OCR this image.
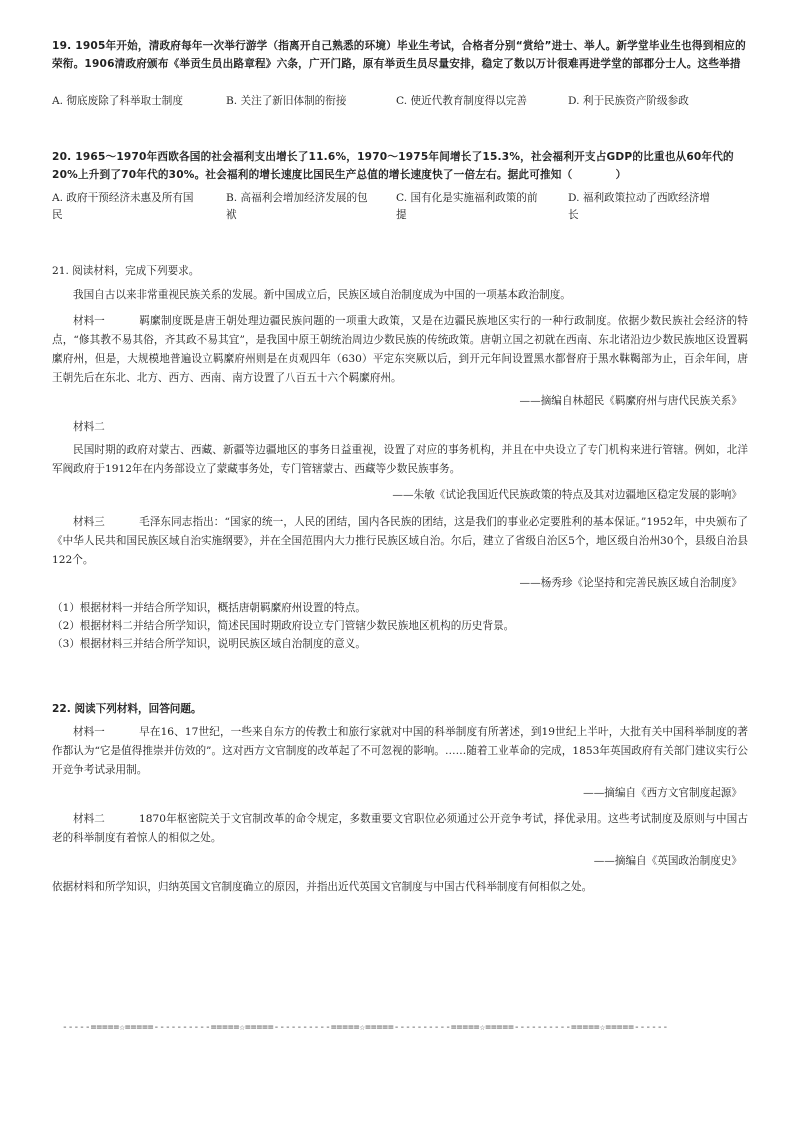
19. 1905年开始，清政府每年一次举行游学（指离开自己熟悉的环境）毕业生考试，合格者分别“赏给”进士、举人。新学堂毕业生也得到相应的荣衔。1906清政府颁布《举贡生员出路章程》六条，广开门路，原有举贡生员尽量安排，稳定了数以万计很难再进学堂的部郡分士人。这些举措
A. 彻底废除了科举取士制度	B. 关注了新旧体制的衔接	C. 使近代教育制度得以完善	D. 利于民族资产阶级参政
20. 1965～1970年西欧各国的社会福利支出增长了11.6%，1970～1975年间增长了15.3%，社会福利开支占GDP的比重也从60年代的20%上升到了70年代的30%。社会福利的增长速度比国民生产总值的增长速度快了一倍左右。据此可推知（　　　　）
A. 政府干预经济未惠及所有国民
B. 高福利会增加经济发展的包袱
C. 国有化是实施福利政策的前提
D. 福利政策拉动了西欧经济增长
21. 阅读材料，完成下列要求。
我国自古以来非常重视民族关系的发展。新中国成立后，民族区域自治制度成为中国的一项基本政治制度。
材料一	羁縻制度既是唐王朝处理边疆民族问题的一项重大政策，又是在边疆民族地区实行的一种行政制度。依据少数民族社会经济的特点，“修其教不易其俗，齐其政不易其宜”，是我国中原王朝统治周边少数民族的传统政策。唐朝立国之初就在西南、东北诸沿边少数民族地区设置羁縻府州，但是，大规模地普遍设立羁縻府州则是在贞观四年（630）平定东突厥以后，到开元年间设置黑水都督府于黑水靺鞨部为止，百余年间，唐王朝先后在东北、北方、西方、西南、南方设置了八百五十六个羁縻府州。
——摘编自林超民《羁縻府州与唐代民族关系》
材料二
民国时期的政府对蒙古、西藏、新疆等边疆地区的事务日益重视，设置了对应的事务机构，并且在中央设立了专门机构来进行管辖。例如，北洋军阀政府于1912年在内务部设立了蒙藏事务处，专门管辖蒙古、西藏等少数民族事务。
——朱敏《试论我国近代民族政策的特点及其对边疆地区稳定发展的影响》
材料三	毛泽东同志指出：“国家的统一，人民的团结，国内各民族的团结，这是我们的事业必定要胜利的基本保证。”1952年，中央颁布了《中华人民共和国民族区域自治实施纲要》，并在全国范围内大力推行民族区域自治。尔后，建立了省级自治区5个，地区级自治州30个，县级自治县122个。
——杨秀珍《论坚持和完善民族区域自治制度》
（1）根据材料一并结合所学知识，概括唐朝羁縻府州设置的特点。
（2）根据材料二并结合所学知识，简述民国时期政府设立专门管辖少数民族地区机构的历史背景。
（3）根据材料三并结合所学知识，说明民族区域自治制度的意义。
22. 阅读下列材料，回答问题。
材料一	早在16、17世纪，一些来自东方的传教士和旅行家就对中国的科举制度有所著述，到19世纪上半叶，大批有关中国科举制度的著作都认为“它是值得推崇并仿效的”。这对西方文官制度的改革起了不可忽视的影响。……随着工业革命的完成，1853年英国政府有关部门建议实行公开竞争考试录用制。
——摘编自《西方文官制度起源》
材料二	1870年枢密院关于文官制改革的命令规定，多数重要文官职位必须通过公开竞争考试，择优录用。这些考试制度及原则与中国古老的科举制度有着惊人的相似之处。
——摘编自《英国政治制度史》
依据材料和所学知识，归纳英国文官制度确立的原因，并指出近代英国文官制度与中国古代科举制度有何相似之处。
-----=====☆=====----------=====☆=====----------=====☆=====----------=====☆=====----------=====☆=====------
